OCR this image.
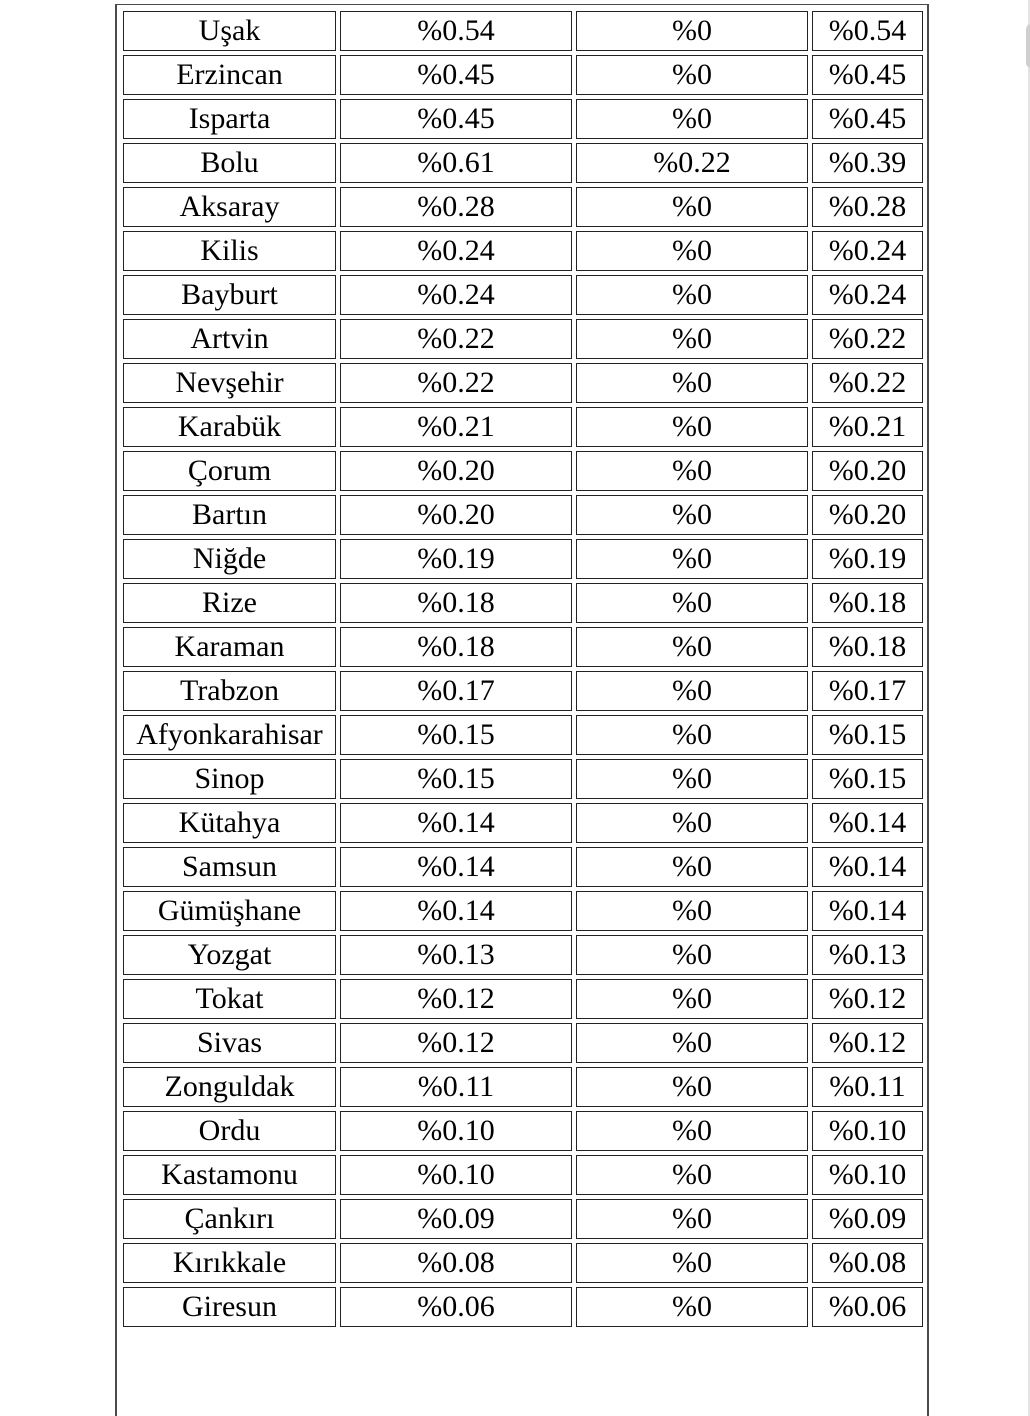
Uşak	%0.54	%0	%0.54
Erzincan	%0.45	%0	%0.45
Isparta	%0.45	%0	%0.45
Bolu	%0.61	%0.22	%0.39
Aksaray	%0.28	%0	%0.28
Kilis	%0.24	%0	%0.24
Bayburt	%0.24	%0	%0.24
Artvin	%0.22	%0	%0.22
Nevşehir	%0.22	%0	%0.22
Karabük	%0.21	%0	%0.21
Çorum	%0.20	%0	%0.20
Bartın	%0.20	%0	%0.20
Niğde	%0.19	%0	%0.19
Rize	%0.18	%0	%0.18
Karaman	%0.18	%0	%0.18
Trabzon	%0.17	%0	%0.17
Afyonkarahisar	%0.15	%0	%0.15
Sinop	%0.15	%0	%0.15
Kütahya	%0.14	%0	%0.14
Samsun	%0.14	%0	%0.14
Gümüşhane	%0.14	%0	%0.14
Yozgat	%0.13	%0	%0.13
Tokat	%0.12	%0	%0.12
Sivas	%0.12	%0	%0.12
Zonguldak	%0.11	%0	%0.11
Ordu	%0.10	%0	%0.10
Kastamonu	%0.10	%0	%0.10
Çankırı	%0.09	%0	%0.09
Kırıkkale	%0.08	%0	%0.08
Giresun	%0.06	%0	%0.06
